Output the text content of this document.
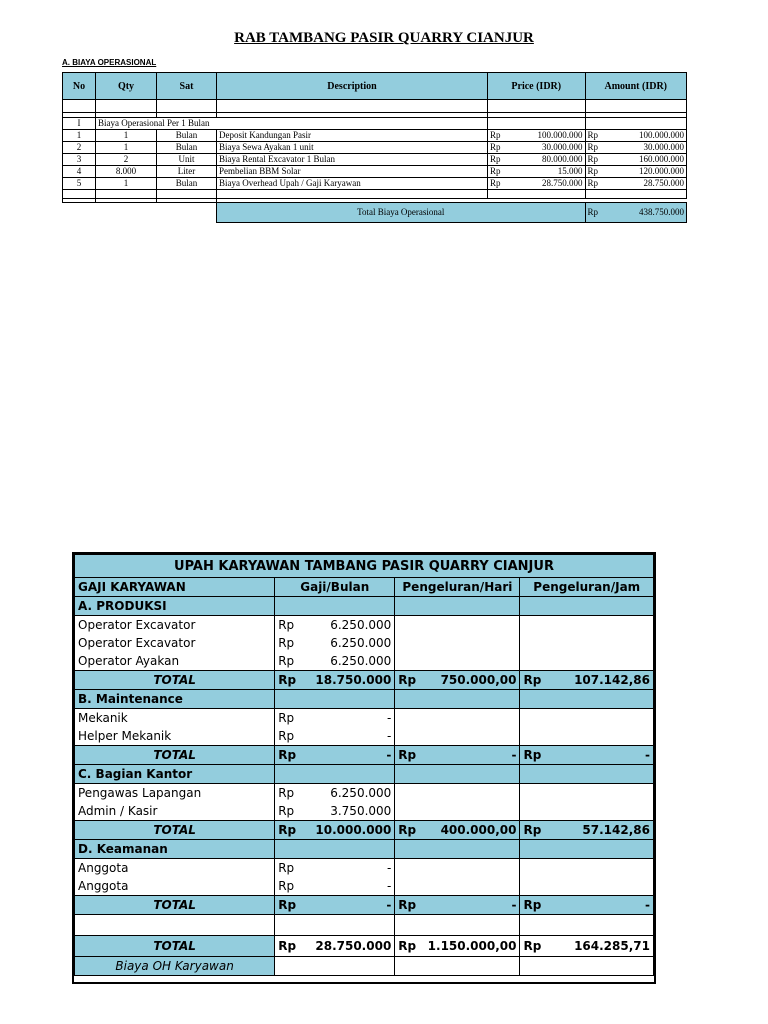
RAB TAMBANG PASIR QUARRY CIANJUR
A. BIAYA OPERASIONAL
No	Qty	Sat	Description	Price (IDR)		Amount (IDR)	

I	Biaya Operasional Per 1 Bulan						
1	1	Bulan	Deposit Kandungan Pasir	Rp	100.000.000	Rp	100.000.000
2	1	Bulan	Biaya Sewa Ayakan 1 unit	Rp	30.000.000	Rp	30.000.000
3	2	Unit	Biaya Rental Excavator 1 Bulan	Rp	80.000.000	Rp	160.000.000
4	8.000	Liter	Pembelian BBM Solar	Rp	15.000	Rp	120.000.000
5	1	Bulan	Biaya Overhead Upah / Gaji Karyawan	Rp	28.750.000	Rp	28.750.000

			Total Biaya Operasional			Rp	438.750.000
UPAH KARYAWAN TAMBANG PASIR QUARRY CIANJUR						
GAJI KARYAWAN	Gaji/Bulan		Pengeluran/Hari		Pengeluran/Jam	
A. PRODUKSI						
Operator Excavator	Rp	6.250.000				
Operator Excavator	Rp	6.250.000				
Operator Ayakan	Rp	6.250.000				
TOTAL	Rp	18.750.000	Rp	750.000,00	Rp	107.142,86
B. Maintenance						
Mekanik	Rp	-				
Helper Mekanik	Rp	-				
TOTAL	Rp	-	Rp	-	Rp	-
C. Bagian Kantor						
Pengawas Lapangan	Rp	6.250.000				
Admin / Kasir	Rp	3.750.000				
TOTAL	Rp	10.000.000	Rp	400.000,00	Rp	57.142,86
D. Keamanan						
Anggota	Rp	-				
Anggota	Rp	-				
TOTAL	Rp	-	Rp	-	Rp	-

TOTAL	Rp	28.750.000	Rp	1.150.000,00	Rp	164.285,71
Biaya OH Karyawan						
